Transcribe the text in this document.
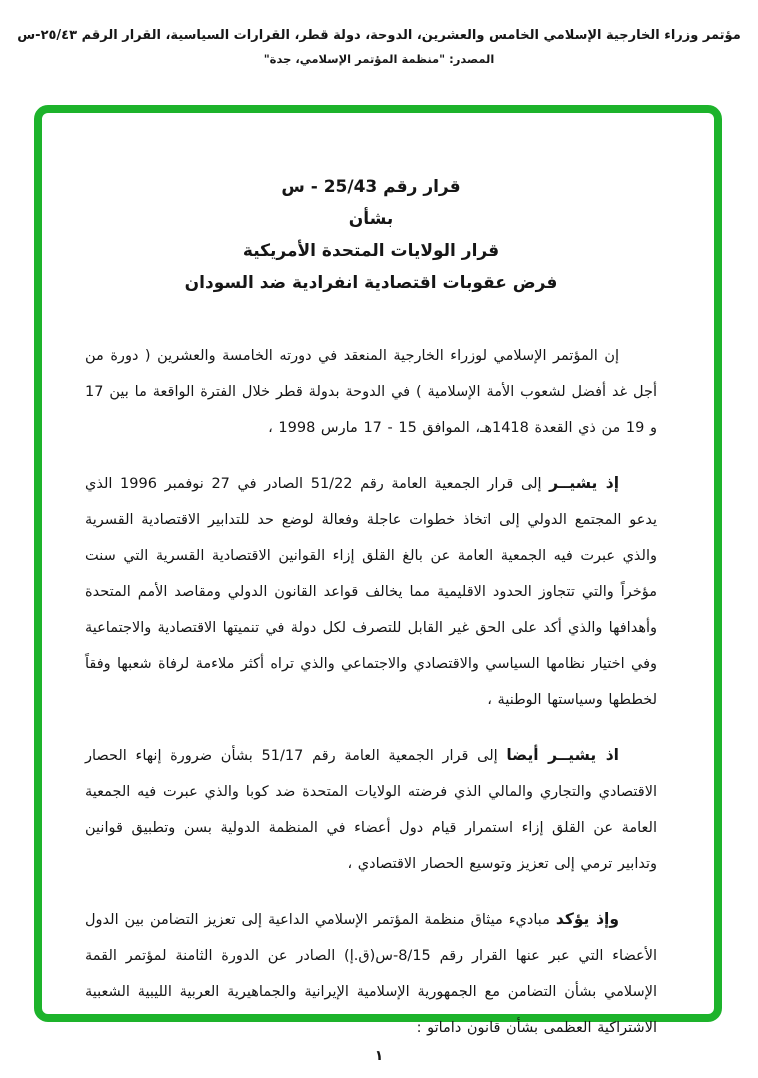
مؤتمر وزراء الخارجية الإسلامي الخامس والعشرين، الدوحة، دولة قطر، القرارات السياسية، القرار الرقم ٢٥/٤٣-س
المصدر: "منظمة المؤتمر الإسلامي، جدة"
قرار رقم 25/43 - س
بشأن
قرار الولايات المتحدة الأمريكية
فرض عقوبات اقتصادية انفرادية ضد السودان

إن المؤتمر الإسلامي لوزراء الخارجية المنعقد في دورته الخامسة والعشرين ( دورة من أجل غد أفضل لشعوب الأمة الإسلامية ) في الدوحة بدولة قطر خلال الفترة الواقعة ما بين 17 و 19 من ذي القعدة 1418هـ، الموافق 15 - 17 مارس 1998 ،

إذ يشيــر إلى قرار الجمعية العامة رقم 51/22 الصادر في 27 نوفمبر 1996 الذي يدعو المجتمع الدولي إلى اتخاذ خطوات عاجلة وفعالة لوضع حد للتدابير الاقتصادية القسرية والذي عبرت فيه الجمعية العامة عن بالغ القلق إزاء القوانين الاقتصادية القسرية التي سنت مؤخراً والتي تتجاوز الحدود الاقليمية مما يخالف قواعد القانون الدولي ومقاصد الأمم المتحدة وأهدافها والذي أكد على الحق غير القابل للتصرف لكل دولة في تنميتها الاقتصادية والاجتماعية وفي اختيار نظامها السياسي والاقتصادي والاجتماعي والذي تراه أكثر ملاءمة لرفاة شعبها وفقاً لخططها وسياستها الوطنية ،

اذ يشيــر أيضا إلى قرار الجمعية العامة رقم 51/17 بشأن ضرورة إنهاء الحصار الاقتصادي والتجاري والمالي الذي فرضته الولايات المتحدة ضد كوبا والذي عبرت فيه الجمعية العامة عن القلق إزاء استمرار قيام دول أعضاء في المنظمة الدولية بسن وتطبيق قوانين وتدابير ترمي إلى تعزيز وتوسيع الحصار الاقتصادي ،

وإذ يؤكد مباديء ميثاق منظمة المؤتمر الإسلامي الداعية إلى تعزيز التضامن بين الدول الأعضاء التي عبر عنها القرار رقم 8/15-س(ق.إ) الصادر عن الدورة الثامنة لمؤتمر القمة الإسلامي بشأن التضامن مع الجمهورية الإسلامية الإيرانية والجماهيرية العربية الليبية الشعبية الاشتراكية العظمى بشأن قانون داماتو :

١
